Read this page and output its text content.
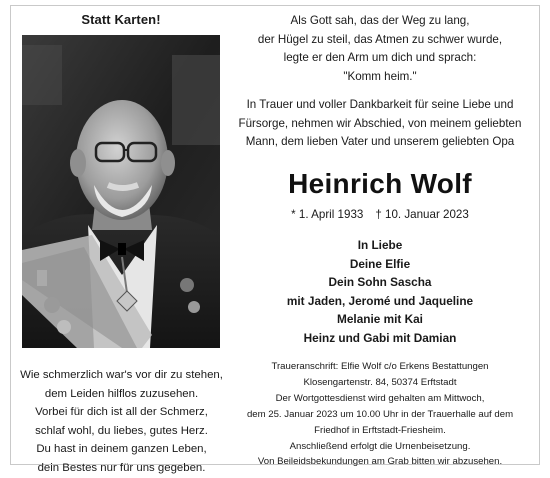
Statt Karten!	Als Gott sah, das der Weg zu lang,
der Hügel zu steil, das Atmen zu schwer wurde,
legte er den Arm um dich und sprach:
"Komm heim."
In Trauer und voller Dankbarkeit für seine Liebe und
Fürsorge, nehmen wir Abschied, von meinem geliebten
Mann, dem lieben Vater und unserem geliebten Opa
Heinrich Wolf
* 1. April 1933 † 10. Januar 2023
In Liebe
Deine Elfie
Dein Sohn Sascha
mit Jaden, Jeromé und Jaqueline
Melanie mit Kai
Heinz und Gabi mit Damian
Wie schmerzlich war's vor dir zu stehen,
dem Leiden hilflos zuzusehen.
Vorbei für dich ist all der Schmerz,
schlaf wohl, du liebes, gutes Herz.
Du hast in deinem ganzen Leben,
dein Bestes nur für uns gegeben.
Traueranschrift: Elfie Wolf c/o Erkens Bestattungen
Klosengartenstr. 84, 50374 Erftstadt
Der Wortgottesdienst wird gehalten am Mittwoch,
dem 25. Januar 2023 um 10.00 Uhr in der Trauerhalle auf dem
Friedhof in Erftstadt-Friesheim.
Anschließend erfolgt die Urnenbeisetzung.
Von Beileidsbekundungen am Grab bitten wir abzusehen.
